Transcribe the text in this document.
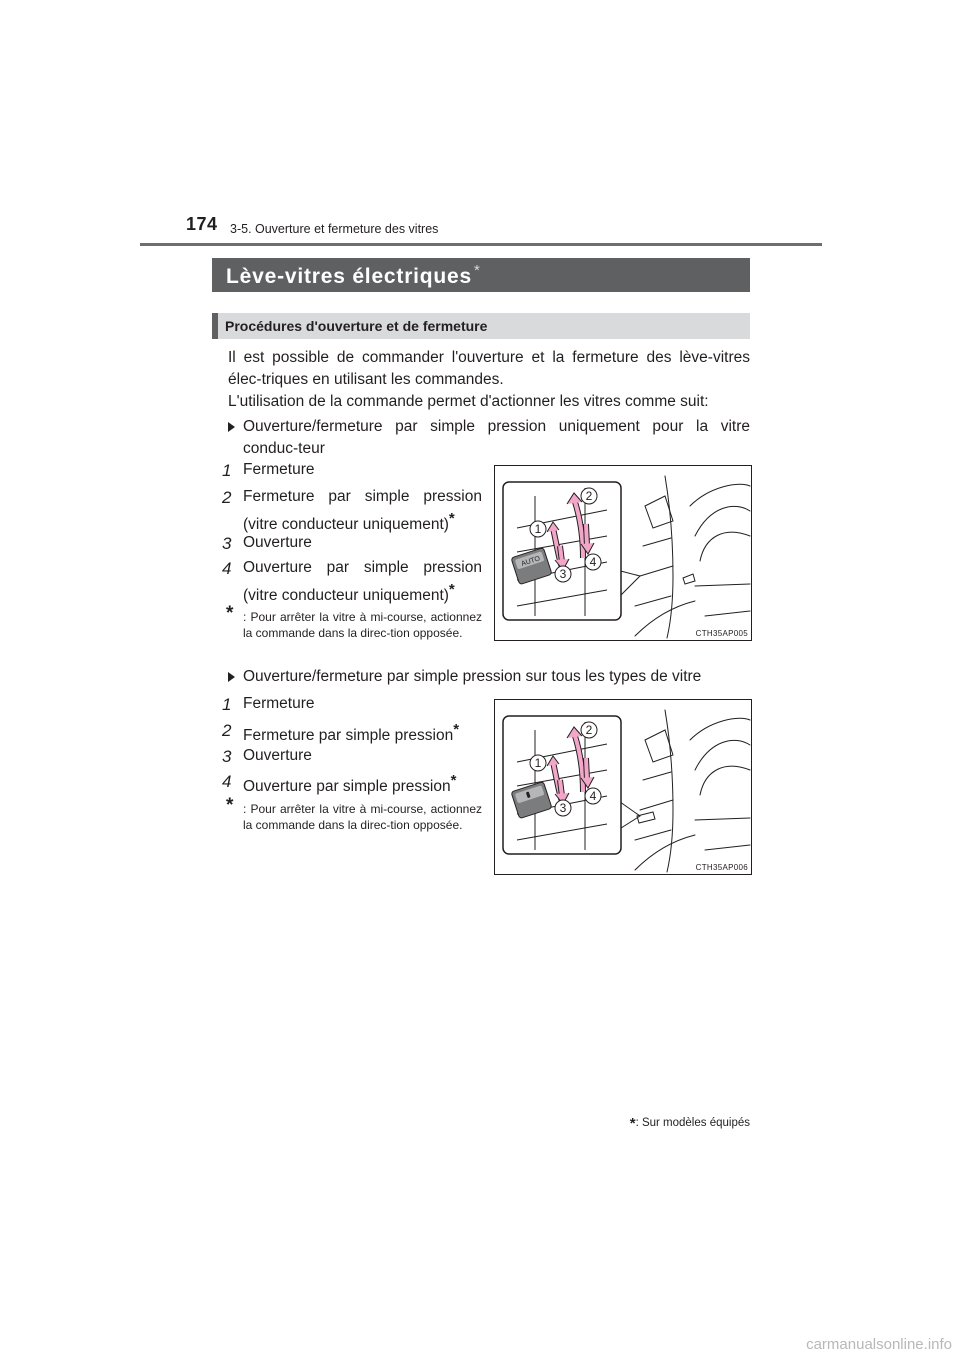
174 3-5. Ouverture et fermeture des vitres
Lève-vitres électriques *
Procédures d'ouverture et de fermeture
Il est possible de commander l'ouverture et la fermeture des lève-vitres élec-triques en utilisant les commandes.
L'utilisation de la commande permet d'actionner les vitres comme suit:
Ouverture/fermeture par simple pression uniquement pour la vitre conduc-teur
1 Fermeture
2 Fermeture par simple pression
(vitre conducteur uniquement)*
3 Ouverture
4 Ouverture par simple pression
(vitre conducteur uniquement)*
* : Pour arrêter la vitre à mi-course, actionnez la commande dans la direc-tion opposée.
AUTO
1
2
3
4
CTH35AP005
Ouverture/fermeture par simple pression sur tous les types de vitre
1 Fermeture
2 Fermeture par simple pression*
3 Ouverture
4 Ouverture par simple pression*
* : Pour arrêter la vitre à mi-course, actionnez la commande dans la direc-tion opposée.
1
2
3
4
CTH35AP006
*: Sur modèles équipés
carmanualsonline.info
